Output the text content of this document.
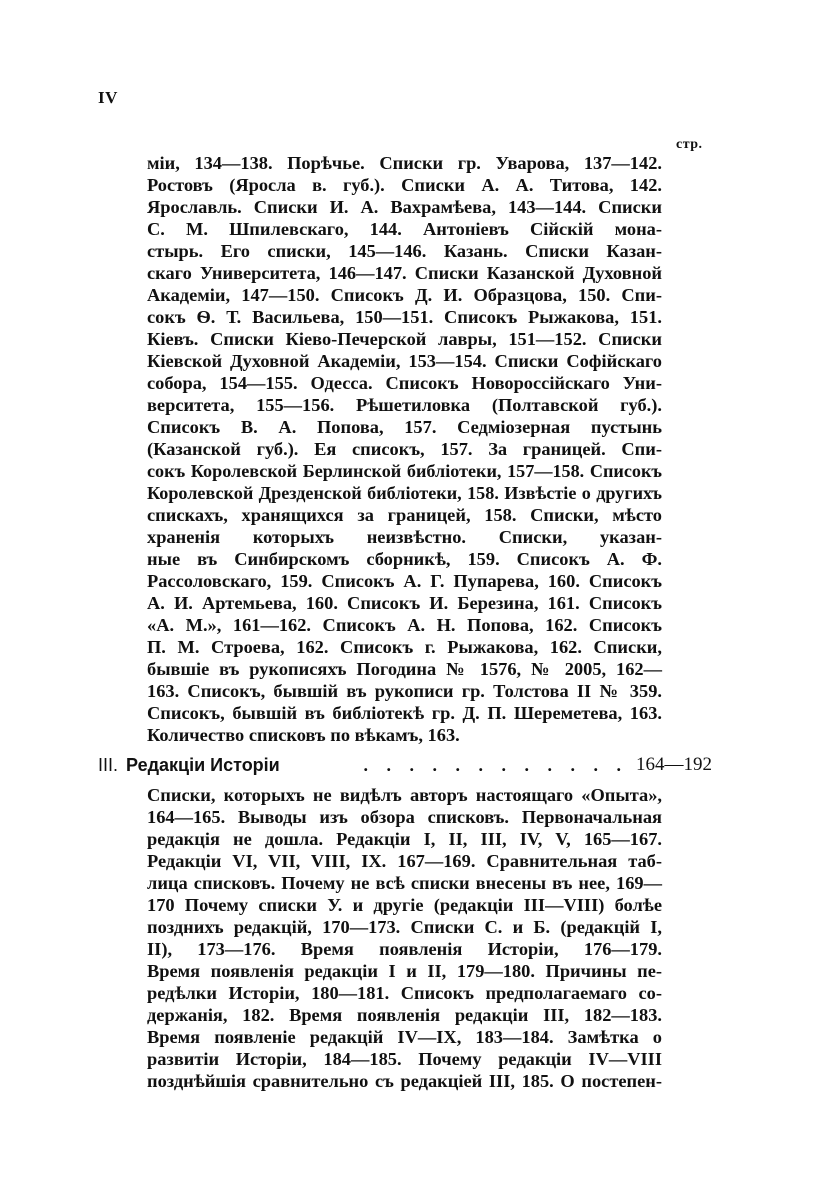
IV
стр.
міи, 134—138. Порѣчье. Списки гр. Уварова, 137—142.
Ростовъ (Яросла в. губ.). Списки А. А. Титова, 142.
Ярославль. Списки И. А. Вахрамѣева, 143—144. Списки
С. М. Шпилевскаго, 144. Антоніевъ Сійскій мона-
стырь. Его списки, 145—146. Казань. Списки Казан-
скаго Университета, 146—147. Списки Казанской Духовной
Академіи, 147—150. Списокъ Д. И. Образцова, 150. Спи-
сокъ Ѳ. Т. Васильева, 150—151. Списокъ Рыжакова, 151.
Кіевъ. Списки Кіево-Печерской лавры, 151—152. Списки
Кіевской Духовной Академіи, 153—154. Списки Софійскаго
собора, 154—155. Одесса. Списокъ Новороссійскаго Уни-
верситета, 155—156. Рѣшетиловка (Полтавской губ.).
Списокъ В. А. Попова, 157. Седміозерная пустынь
(Казанской губ.). Ея списокъ, 157. За границей. Спи-
сокъ Королевской Берлинской библіотеки, 157—158. Списокъ
Королевской Дрезденской библіотеки, 158. Извѣстіе о другихъ
спискахъ, хранящихся за границей, 158. Списки, мѣсто
храненія которыхъ неизвѣстно. Списки, указан-
ные въ Синбирскомъ сборникѣ, 159. Списокъ А. Ф.
Рассоловскаго, 159. Списокъ А. Г. Пупарева, 160. Списокъ
А. И. Артемьева, 160. Списокъ И. Березина, 161. Списокъ
«А. М.», 161—162. Списокъ А. Н. Попова, 162. Списокъ
П. М. Строева, 162. Списокъ г. Рыжакова, 162. Списки,
бывшіе въ рукописяхъ Погодина № 1576, № 2005, 162—
163. Списокъ, бывшій въ рукописи гр. Толстова II № 359.
Списокъ, бывшій въ библіотекѣ гр. Д. П. Шереметева, 163.
Количество списковъ по вѣкамъ, 163.
III. Редакціи Исторіи	. . . . . . . . . . . . 164—192
Списки, которыхъ не видѣлъ авторъ настоящаго «Опыта»,
164—165. Выводы изъ обзора списковъ. Первоначальная
редакція не дошла. Редакціи I, II, III, IV, V, 165—167.
Редакціи VI, VII, VIII, IX. 167—169. Сравнительная таб-
лица списковъ. Почему не всѣ списки внесены въ нее, 169—
170 Почему списки У. и другіе (редакціи III—VIII) болѣе
позднихъ редакцій, 170—173. Списки С. и Б. (редакцій I,
II), 173—176. Время появленія Исторіи, 176—179.
Время появленія редакціи I и II, 179—180. Причины пе-
редѣлки Исторіи, 180—181. Списокъ предполагаемаго со-
держанія, 182. Время появленія редакціи III, 182—183.
Время появленіе редакцій IV—IX, 183—184. Замѣтка о
развитіи Исторіи, 184—185. Почему редакціи IV—VIII
позднѣйшія сравнительно съ редакціей III, 185. О постепен-
